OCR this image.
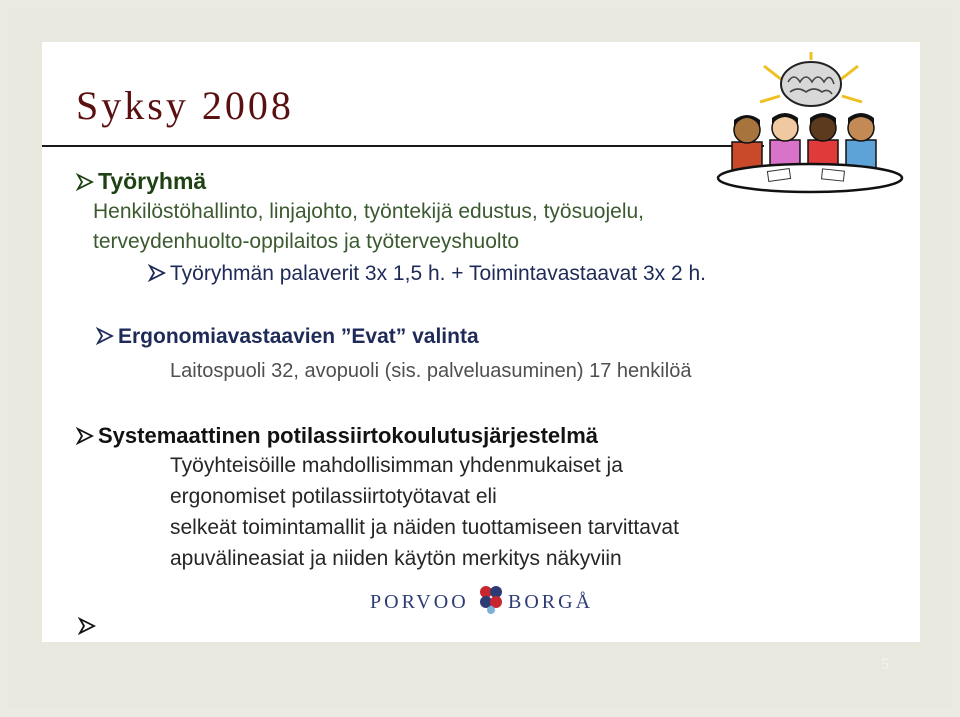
Syksy 2008
Työryhmä
Henkilöstöhallinto, linjajohto, työntekijä edustus, työsuojelu,
terveydenhuolto-oppilaitos ja työterveyshuolto
Työryhmän palaverit 3x 1,5 h. + Toimintavastaavat 3x 2 h.
Ergonomiavastaavien ”Evat” valinta
Laitospuoli 32, avopuoli (sis. palveluasuminen) 17 henkilöä
Systemaattinen potilassiirtokoulutusjärjestelmä
Työyhteisöille mahdollisimman yhdenmukaiset ja
ergonomiset potilassiirtotyötavat eli
selkeät toimintamallit ja näiden tuottamiseen tarvittavat
apuvälineasiat ja niiden käytön merkitys näkyviin
PORVOO BORGÅ
5
